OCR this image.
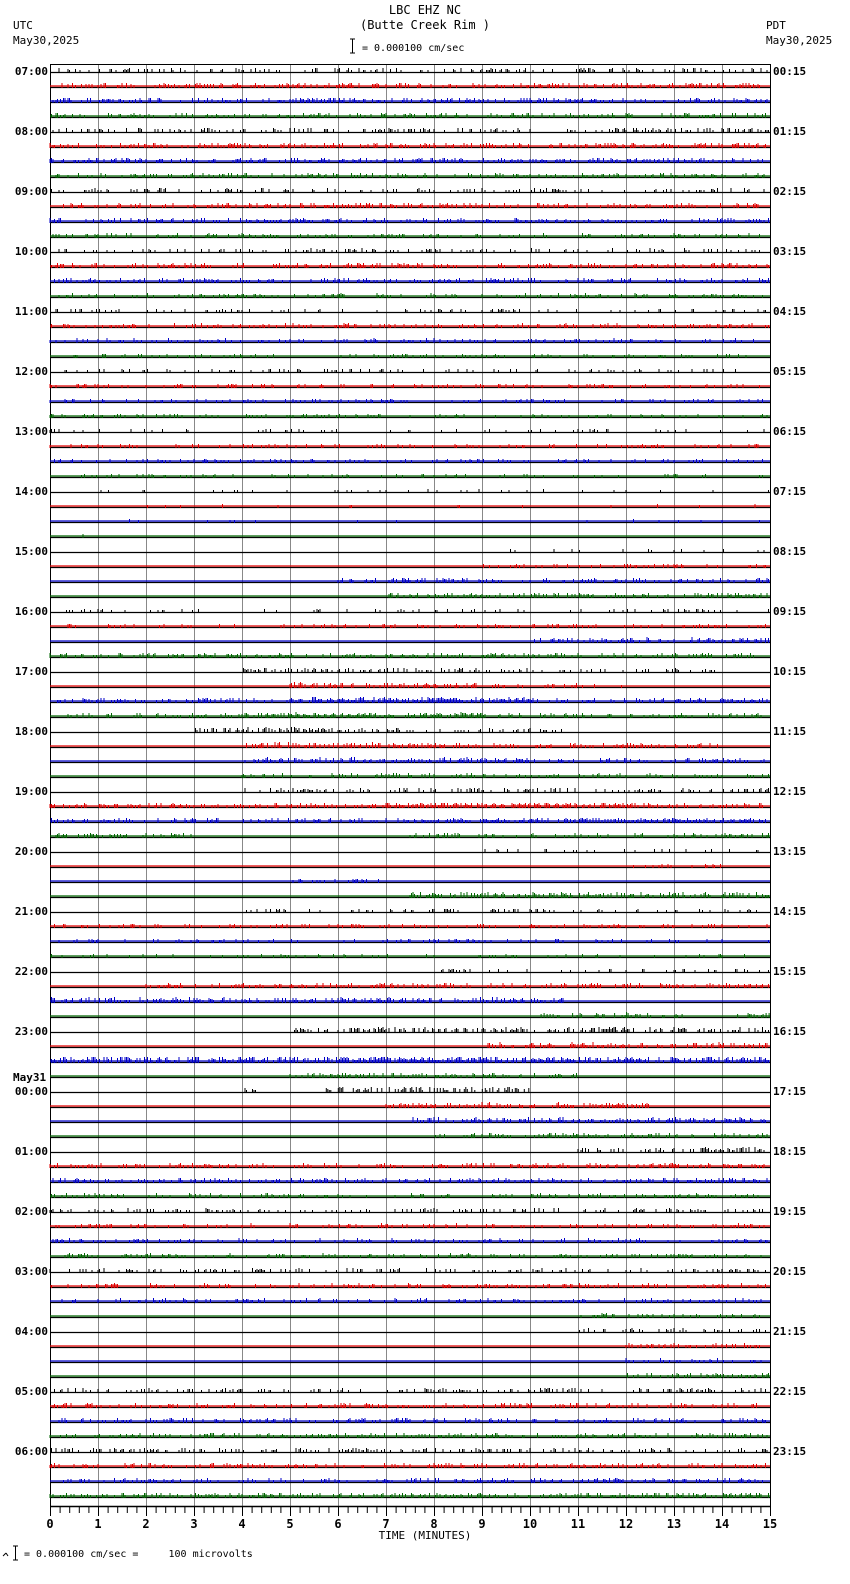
LBC EHZ NC
(Butte Creek Rim )
UTC
May30,2025
PDT
May30,2025
= 0.000100 cm/sec
07:00
08:00
09:00
10:00
11:00
12:00
13:00
14:00
15:00
16:00
17:00
18:00
19:00
20:00
21:00
22:00
23:00
00:00
May31
01:00
02:00
03:00
04:00
05:00
06:00
00:15
01:15
02:15
03:15
04:15
05:15
06:15
07:15
08:15
09:15
10:15
11:15
12:15
13:15
14:15
15:15
16:15
17:15
18:15
19:15
20:15
21:15
22:15
23:15
0	1	2	3	4	5	6	7	8	9	10	11	12	13	14	15
TIME (MINUTES)
= 0.000100 cm/sec =     100 microvolts
